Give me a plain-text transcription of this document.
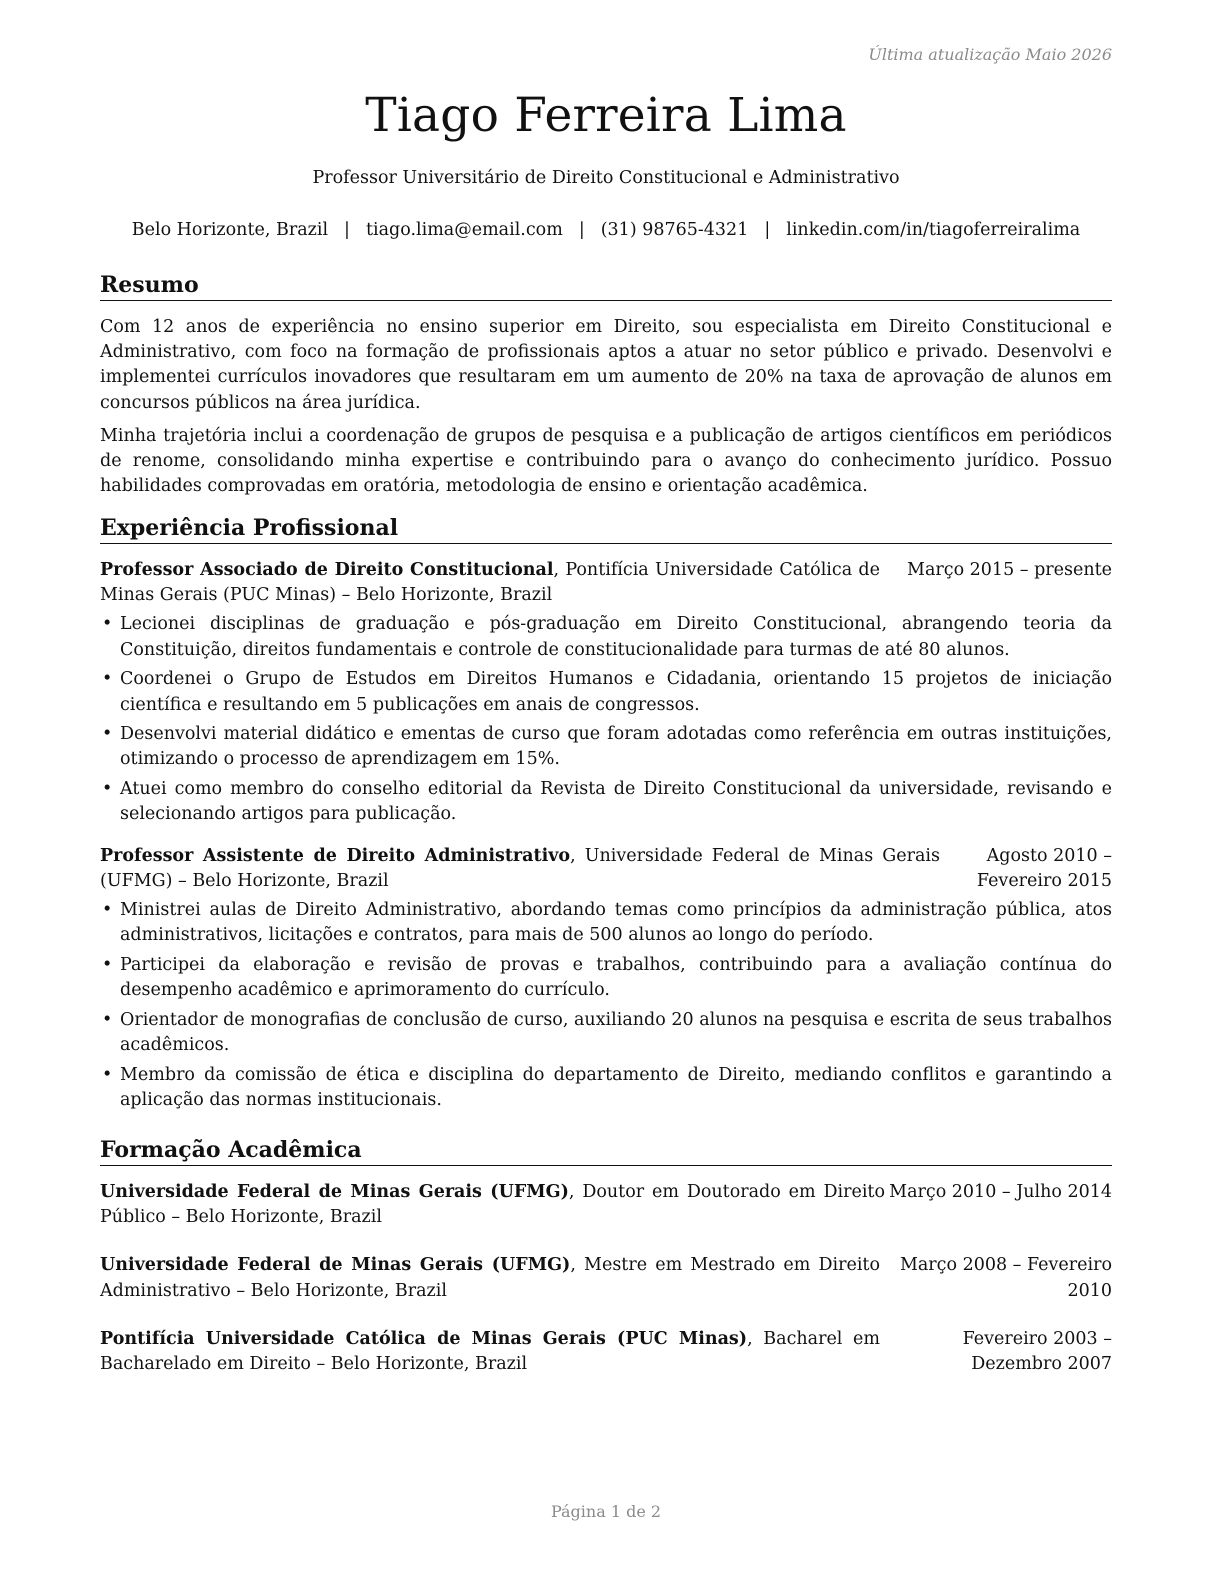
Última atualização Maio 2026
Tiago Ferreira Lima
Professor Universitário de Direito Constitucional e Administrativo
Belo Horizonte, Brazil | tiago.lima@email.com | (31) 98765-4321 | linkedin.com/in/tiagoferreiralima
Resumo

Com 12 anos de experiência no ensino superior em Direito, sou especialista em Direito Constitucional e Administrativo, com foco na formação de profissionais aptos a atuar no setor público e privado. Desenvolvi e implementei currículos inovadores que resultaram em um aumento de 20% na taxa de aprovação de alunos em concursos públicos na área jurídica.

Minha trajetória inclui a coordenação de grupos de pesquisa e a publicação de artigos científicos em periódicos de renome, consolidando minha expertise e contribuindo para o avanço do conhecimento jurídico. Possuo habilidades comprovadas em oratória, metodologia de ensino e orientação acadêmica.

Experiência Profissional
Professor Associado de Direito Constitucional, Pontifícia Universidade Católica de Minas Gerais (PUC Minas) – Belo Horizonte, Brazil
Março 2015 – presente
• Lecionei disciplinas de graduação e pós-graduação em Direito Constitucional, abrangendo teoria da Constituição, direitos fundamentais e controle de constitucionalidade para turmas de até 80 alunos.
• Coordenei o Grupo de Estudos em Direitos Humanos e Cidadania, orientando 15 projetos de iniciação científica e resultando em 5 publicações em anais de congressos.
• Desenvolvi material didático e ementas de curso que foram adotadas como referência em outras instituições, otimizando o processo de aprendizagem em 15%.
• Atuei como membro do conselho editorial da Revista de Direito Constitucional da universidade, revisando e selecionando artigos para publicação.
Professor Assistente de Direito Administrativo, Universidade Federal de Minas Gerais (UFMG) – Belo Horizonte, Brazil
Agosto 2010 – Fevereiro 2015
• Ministrei aulas de Direito Administrativo, abordando temas como princípios da administração pública, atos administrativos, licitações e contratos, para mais de 500 alunos ao longo do período.
• Participei da elaboração e revisão de provas e trabalhos, contribuindo para a avaliação contínua do desempenho acadêmico e aprimoramento do currículo.
• Orientador de monografias de conclusão de curso, auxiliando 20 alunos na pesquisa e escrita de seus trabalhos acadêmicos.
• Membro da comissão de ética e disciplina do departamento de Direito, mediando conflitos e garantindo a aplicação das normas institucionais.
Formação Acadêmica
Universidade Federal de Minas Gerais (UFMG), Doutor em Doutorado em Direito Público – Belo Horizonte, Brazil
Março 2010 – Julho 2014
Universidade Federal de Minas Gerais (UFMG), Mestre em Mestrado em Direito Administrativo – Belo Horizonte, Brazil
Março 2008 – Fevereiro 2010
Pontifícia Universidade Católica de Minas Gerais (PUC Minas), Bacharel em Bacharelado em Direito – Belo Horizonte, Brazil
Fevereiro 2003 – Dezembro 2007
Página 1 de 2
